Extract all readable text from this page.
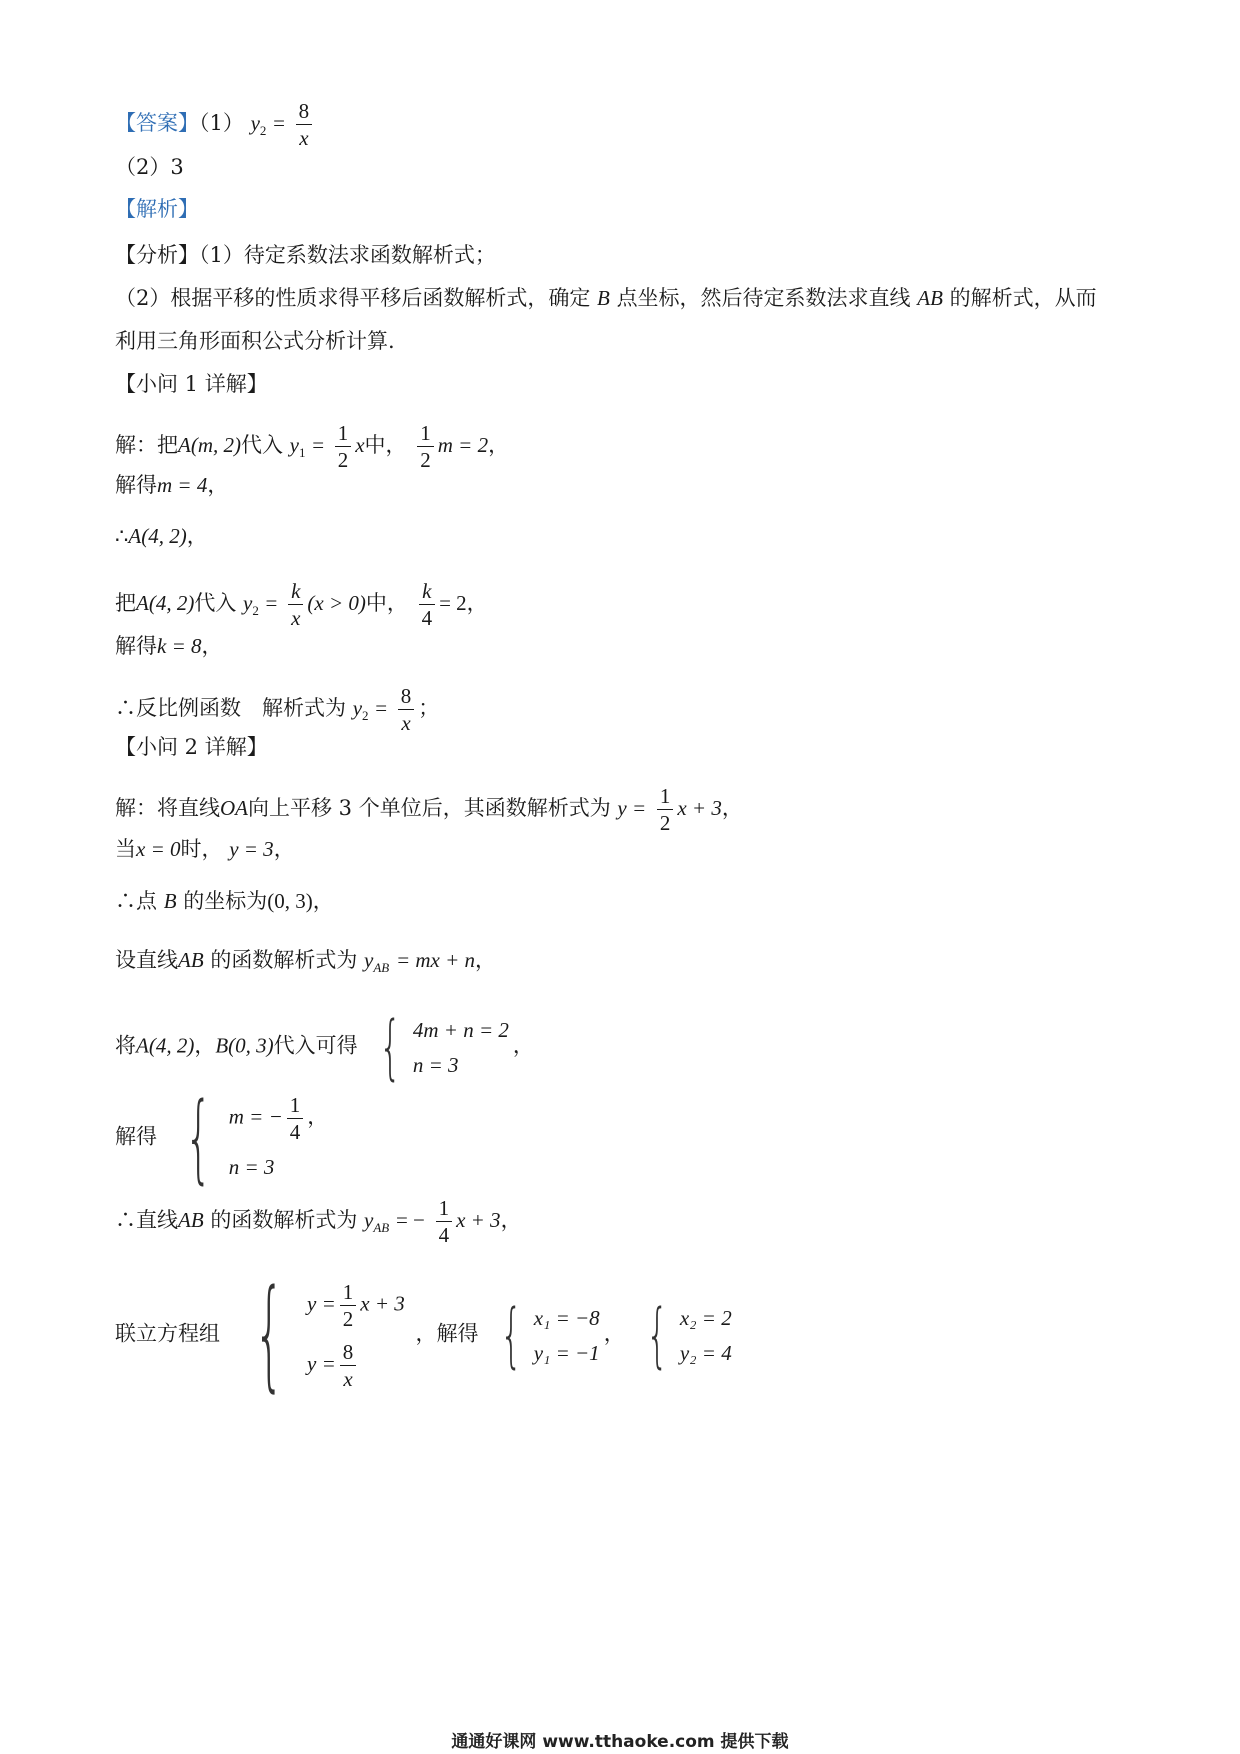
【答案】（1） $y_2 = \frac{8}{x}$
（2）3
【解析】
【分析】（1）待定系数法求函数解析式；
（2）根据平移的性质求得平移后函数解析式，确定 B 点坐标，然后待定系数法求直线 AB 的解析式，从而
利用三角形面积公式分析计算.
【小问 1 详解】
解：把A(m, 2)代入 $y_1 = \frac{1}{2}$ x中， $\frac{1}{2}$ m = 2，
解得m = 4，
∴A(4, 2)，
把A(4, 2)代入 $y_2 = \frac{k}{x} (x > 0)$中， $\frac{k}{4} = 2$，
解得k = 8，
∴反比例函数　解析式为 $y_2 = \frac{8}{x}$ ；
【小问 2 详解】
解：将直线OA向上平移 3 个单位后，其函数解析式为 $y = \frac{1}{2}$ x + 3，
当x = 0时， y = 3，
∴点 B 的坐标为(0, 3)，
设直线AB 的函数解析式为 $y_{AB}$ = mx + n，
将A(4, 2)，B(0, 3)代入可得 { 4m + n = 2
n = 3
，
解得 { m = − $\frac{1}{4}$ ，
n = 3
∴直线AB 的函数解析式为 $y_{AB}$ = − $\frac{1}{4}$ x + 3，
联立方程组 { $y = \frac{1}{2}$ x + 3
$y = \frac{8}{x}$
，解得 { x₁ = −8
y₁ = −1
， { x₂ = 2
y₂ = 4
通通好课网 www.tthaoke.com 提供下载
